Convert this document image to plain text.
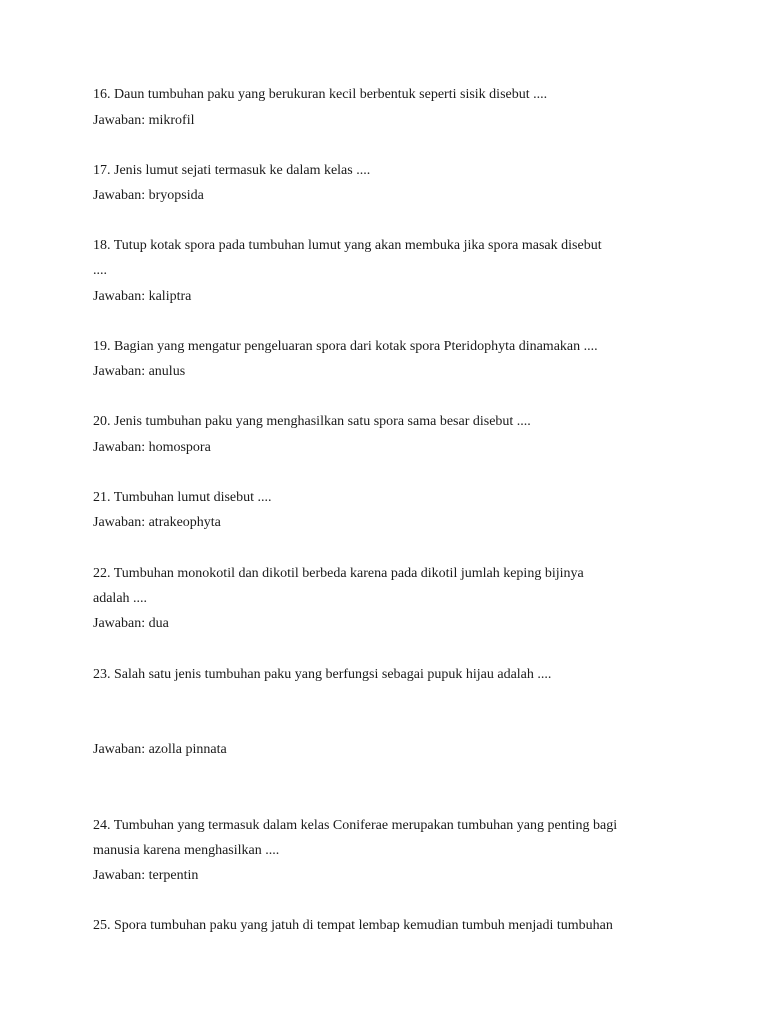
16. Daun tumbuhan paku yang berukuran kecil berbentuk seperti sisik disebut ....
Jawaban: mikrofil
17. Jenis lumut sejati termasuk ke dalam kelas ....
Jawaban: bryopsida
18. Tutup kotak spora pada tumbuhan lumut yang akan membuka jika spora masak disebut
....
Jawaban: kaliptra
19. Bagian yang mengatur pengeluaran spora dari kotak spora Pteridophyta dinamakan ....
Jawaban: anulus
20. Jenis tumbuhan paku yang menghasilkan satu spora sama besar disebut ....
Jawaban: homospora
21. Tumbuhan lumut disebut ....
Jawaban: atrakeophyta
22. Tumbuhan monokotil dan dikotil berbeda karena pada dikotil jumlah keping bijinya
adalah ....
Jawaban: dua
23. Salah satu jenis tumbuhan paku yang berfungsi sebagai pupuk hijau adalah ....
Jawaban: azolla pinnata
24. Tumbuhan yang termasuk dalam kelas Coniferae merupakan tumbuhan yang penting bagi
manusia karena menghasilkan ....
Jawaban: terpentin
25. Spora tumbuhan paku yang jatuh di tempat lembap kemudian tumbuh menjadi tumbuhan
